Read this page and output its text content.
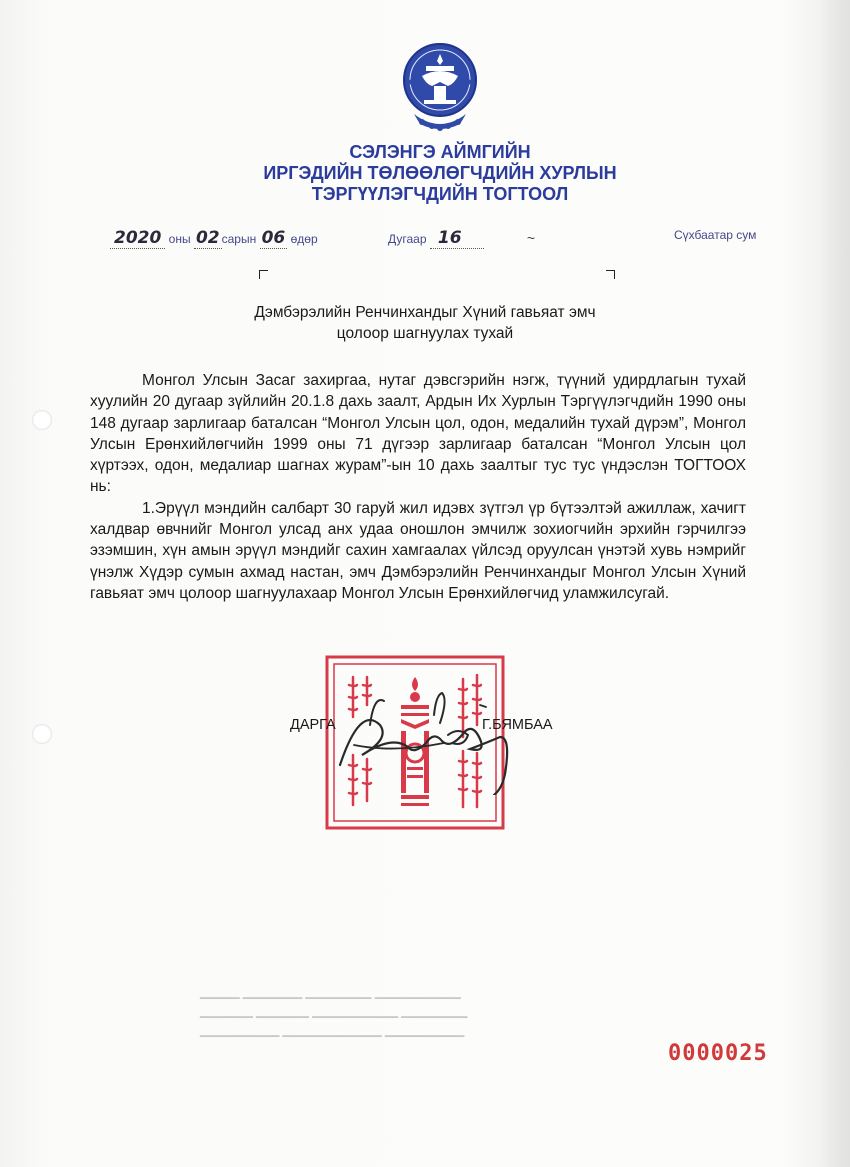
СЭЛЭНГЭ АЙМГИЙН
ИРГЭДИЙН ТӨЛӨӨЛӨГЧДИЙН ХУРЛЫН
ТЭРГҮҮЛЭГЧДИЙН ТОГТООЛ
2020 оны 02 сарын 06 өдөр	Дугаар 16	~	Сүхбаатар сум
Дэмбэрэлийн Ренчинхандыг Хүний гавьяат эмч
цолоор шагнуулах тухай

Монгол Улсын Засаг захиргаа, нутаг дэвсгэрийн нэгж, түүний удирдлагын тухай хуулийн 20 дугаар зүйлийн 20.1.8 дахь заалт, Ардын Их Хурлын Тэргүүлэгчдийн 1990 оны 148 дугаар зарлигаар баталсан “Монгол Улсын цол, одон, медалийн тухай дүрэм”, Монгол Улсын Ерөнхийлөгчийн 1999 оны 71 дүгээр зарлигаар баталсан “Монгол Улсын цол хүртээх, одон, медалиар шагнах журам”-ын 10 дахь заалтыг тус тус үндэслэн ТОГТООХ нь:

1.Эрүүл мэндийн салбарт 30 гаруй жил идэвх зүтгэл үр бүтээлтэй ажиллаж, хачигт халдвар өвчнийг Монгол улсад анх удаа оношлон эмчилж зохиогчийн эрхийн гэрчилгээ эзэмшин, хүн амын эрүүл мэндийг сахин хамгаалах үйлсэд оруулсан үнэтэй хувь нэмрийг үнэлж Хүдэр сумын ахмад настан, эмч Дэмбэрэлийн Ренчинхандыг Монгол Улсын Хүний гавьяат эмч цолоор шагнуулахаар Монгол Улсын Ерөнхийлөгчид уламжилсугай.

ДАРГА	Г.БЯМБАА
━━━━━━━━━━━━━ ━━━━━━━━━━ ━━━━━━━━━ ━━━━━━
━━━━━━━━━━ ━━━━━━━━━━━━━ ━━━━━━━━ ━━━━━━━━
━━━━━━━━━━━━ ━━━━━━━━━━━━━━━ ━━━━━━━━━━━━
0000025
